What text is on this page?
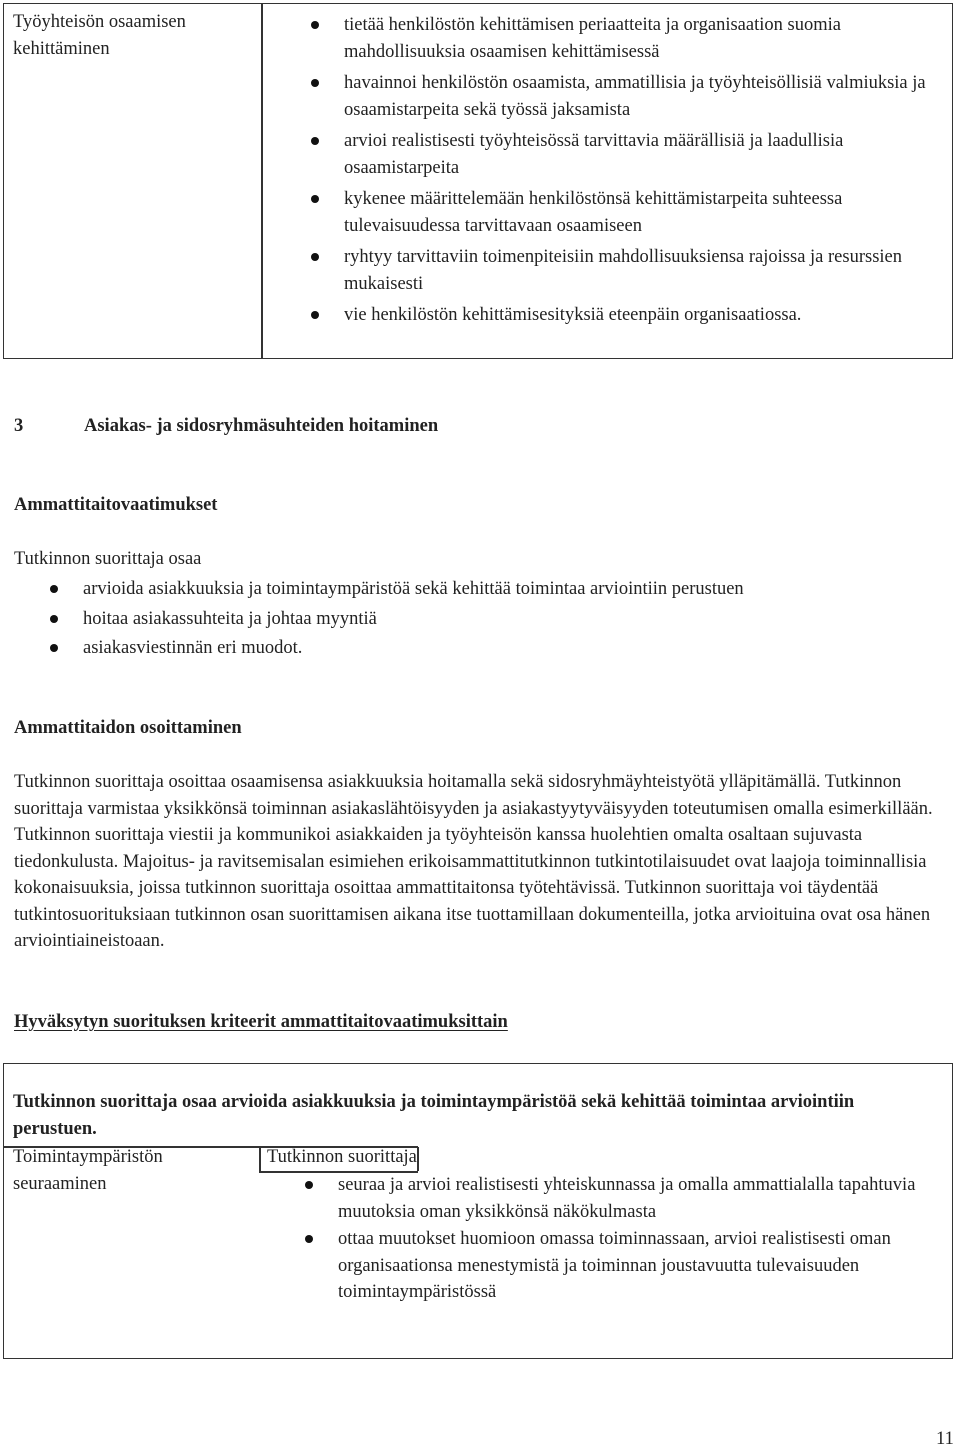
Työyhteisön osaamisen kehittäminen
tietää henkilöstön kehittämisen periaatteita ja organisaation suomia mahdollisuuksia osaamisen kehittämisessä
havainnoi henkilöstön osaamista, ammatillisia ja työyhteisöllisiä valmiuksia ja osaamistarpeita sekä työssä jaksamista
arvioi realistisesti työyhteisössä tarvittavia määrällisiä ja laadullisia osaamistarpeita
kykenee määrittelemään henkilöstönsä kehittämistarpeita suhteessa tulevaisuudessa tarvittavaan osaamiseen
ryhtyy tarvittaviin toimenpiteisiin mahdollisuuksiensa rajoissa ja resurssien mukaisesti
vie henkilöstön kehittämisesityksiä eteenpäin organisaatiossa.
3	Asiakas- ja sidosryhmäsuhteiden hoitaminen
Ammattitaitovaatimukset
Tutkinnon suorittaja osaa
arvioida asiakkuuksia ja toimintaympäristöä sekä kehittää toimintaa arviointiin perustuen
hoitaa asiakassuhteita ja johtaa myyntiä
asiakasviestinnän eri muodot.
Ammattitaidon osoittaminen
Tutkinnon suorittaja osoittaa osaamisensa asiakkuuksia hoitamalla sekä sidosryhmäyhteistyötä ylläpitämällä. Tutkinnon suorittaja varmistaa yksikkönsä toiminnan asiakaslähtöisyyden ja asiakastyytyväisyyden toteutumisen omalla esimerkillään. Tutkinnon suorittaja viestii ja kommunikoi asiakkaiden ja työyhteisön kanssa huolehtien omalta osaltaan sujuvasta tiedonkulusta. Majoitus- ja ravitsemisalan esimiehen erikoisammattitutkinnon tutkintotilaisuudet ovat laajoja toiminnallisia kokonaisuuksia, joissa tutkinnon suorittaja osoittaa ammattitaitonsa työtehtävissä. Tutkinnon suorittaja voi täydentää tutkintosuorituksiaan tutkinnon osan suorittamisen aikana itse tuottamillaan dokumenteilla, jotka arvioituina ovat osa hänen arviointiaineistoaan.
Hyväksytyn suorituksen kriteerit ammattitaitovaatimuksittain
Tutkinnon suorittaja osaa arvioida asiakkuuksia ja toimintaympäristöä sekä kehittää toimintaa arviointiin perustuen.
Toimintaympäristön seuraaminen
Tutkinnon suorittaja
seuraa ja arvioi realistisesti yhteiskunnassa ja omalla ammattialalla tapahtuvia muutoksia oman yksikkönsä näkökulmasta
ottaa muutokset huomioon omassa toiminnassaan, arvioi realistisesti oman organisaationsa menestymistä ja toiminnan joustavuutta tulevaisuuden toimintaympäristössä
11
